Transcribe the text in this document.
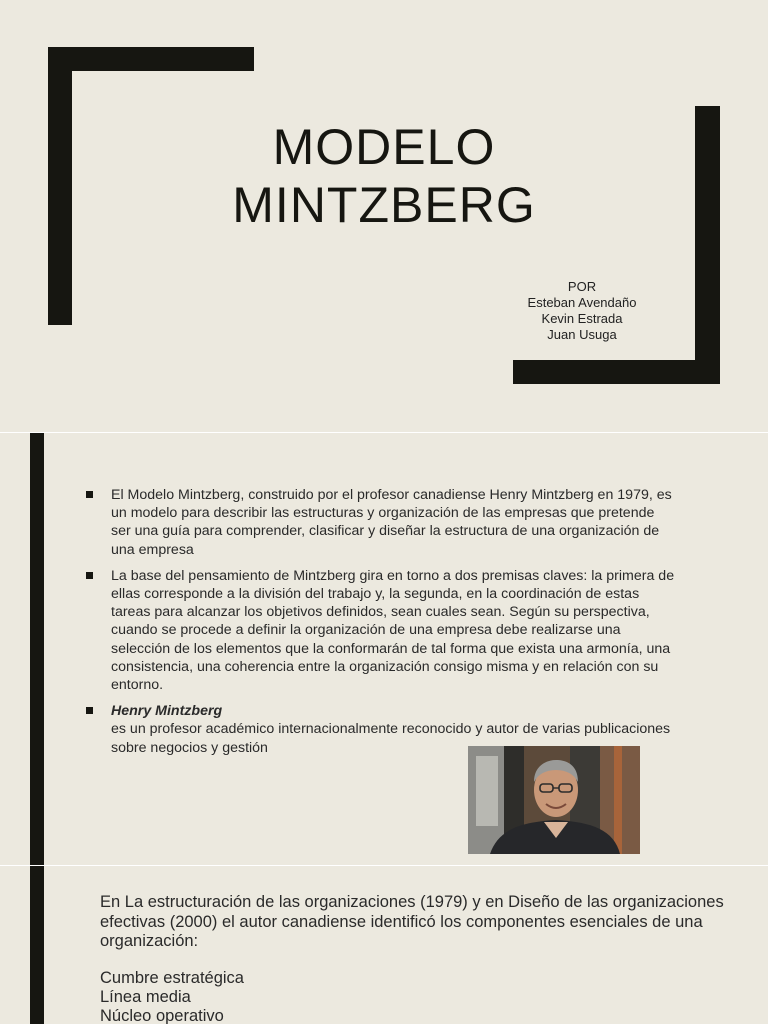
MODELO
MINTZBERG
POR
Esteban Avendaño
Kevin Estrada
Juan Usuga
El Modelo Mintzberg, construido por el profesor canadiense Henry Mintzberg en 1979, es un modelo para describir las estructuras y organización de las empresas que pretende ser una guía para comprender, clasificar y diseñar la estructura de una organización de una empresa
La base del pensamiento de Mintzberg gira en torno a dos premisas claves: la primera de ellas corresponde a la división del trabajo y, la segunda, en la coordinación de estas tareas para alcanzar los objetivos definidos, sean cuales sean. Según su perspectiva, cuando se procede a definir la organización de una empresa debe realizarse una selección de los elementos que la conformarán de tal forma que exista una armonía, una consistencia, una coherencia entre la organización consigo misma y en relación con su entorno.
Henry Mintzberg
es un profesor académico internacionalmente reconocido y autor de varias publicaciones sobre negocios y gestión
En La estructuración de las organizaciones (1979) y en Diseño de las organizaciones efectivas (2000) el autor canadiense identificó los componentes esenciales de una organización:
Cumbre estratégica
Línea media
Núcleo operativo
